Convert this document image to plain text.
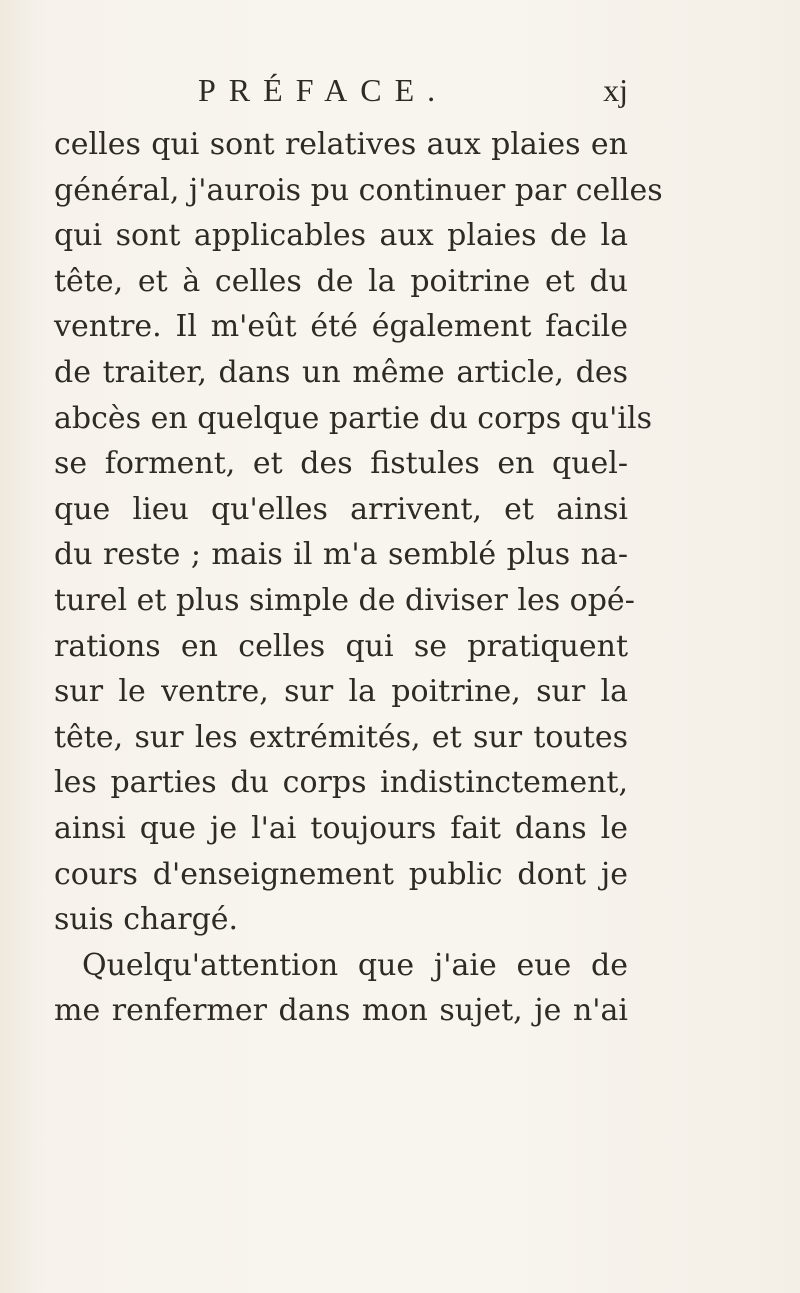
PRÉFACE.	xj
celles qui sont relatives aux plaies en
général, j'aurois pu continuer par celles
qui sont applicables aux plaies de la
tête, et à celles de la poitrine et du
ventre. Il m'eût été également facile
de traiter, dans un même article, des
abcès en quelque partie du corps qu'ils
se forment, et des fistules en quel-
que lieu qu'elles arrivent, et ainsi
du reste ; mais il m'a semblé plus na-
turel et plus simple de diviser les opé-
rations en celles qui se pratiquent
sur le ventre, sur la poitrine, sur la
tête, sur les extrémités, et sur toutes
les parties du corps indistinctement,
ainsi que je l'ai toujours fait dans le
cours d'enseignement public dont je
suis chargé.
Quelqu'attention que j'aie eue de
me renfermer dans mon sujet, je n'ai
